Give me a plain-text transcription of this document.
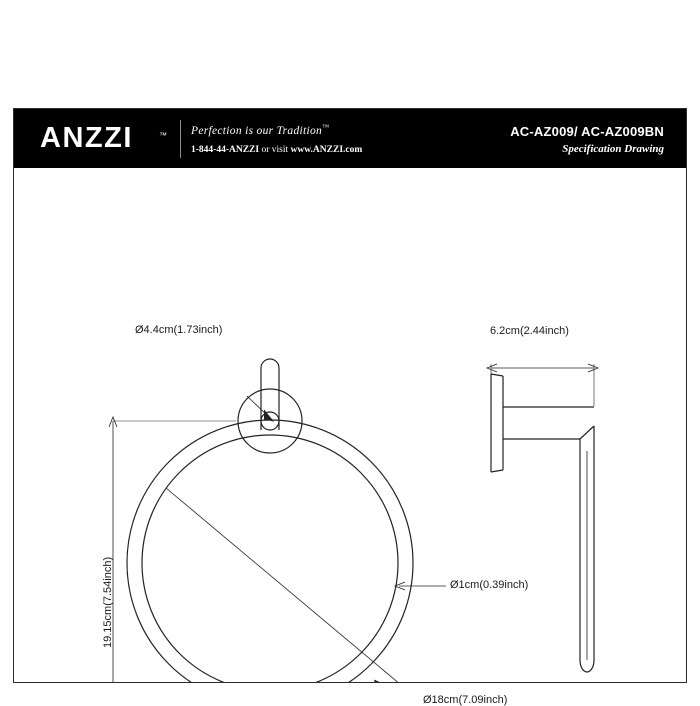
ANZZI	™ Perfection is our Tradition™
1-844-44-ANZZI or visit www.ANZZI.com
AC-AZ009/ AC-AZ009BN
Specification Drawing
Ø4.4cm(1.73inch)
19.15cm(7.54inch)	Ø1cm(0.39inch)
Ø18cm(7.09inch)
6.2cm(2.44inch)
